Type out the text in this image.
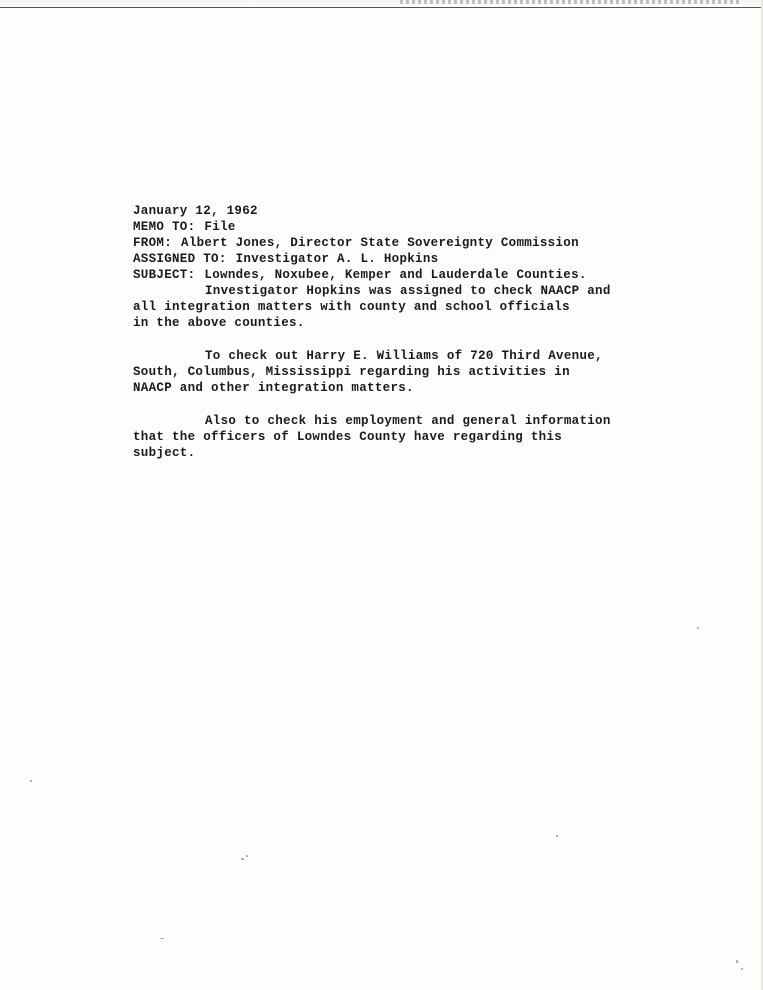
January 12, 1962

MEMO TO: File

FROM: Albert Jones, Director State Sovereignty Commission

ASSIGNED TO: Investigator A. L. Hopkins

SUBJECT: Lowndes, Noxubee, Kemper and Lauderdale Counties.

Investigator Hopkins was assigned to check NAACP and
all integration matters with county and school officials
in the above counties.

To check out Harry E. Williams of 720 Third Avenue,
South, Columbus, Mississippi regarding his activities in
NAACP and other integration matters.

Also to check his employment and general information
that the officers of Lowndes County have regarding this
subject.
